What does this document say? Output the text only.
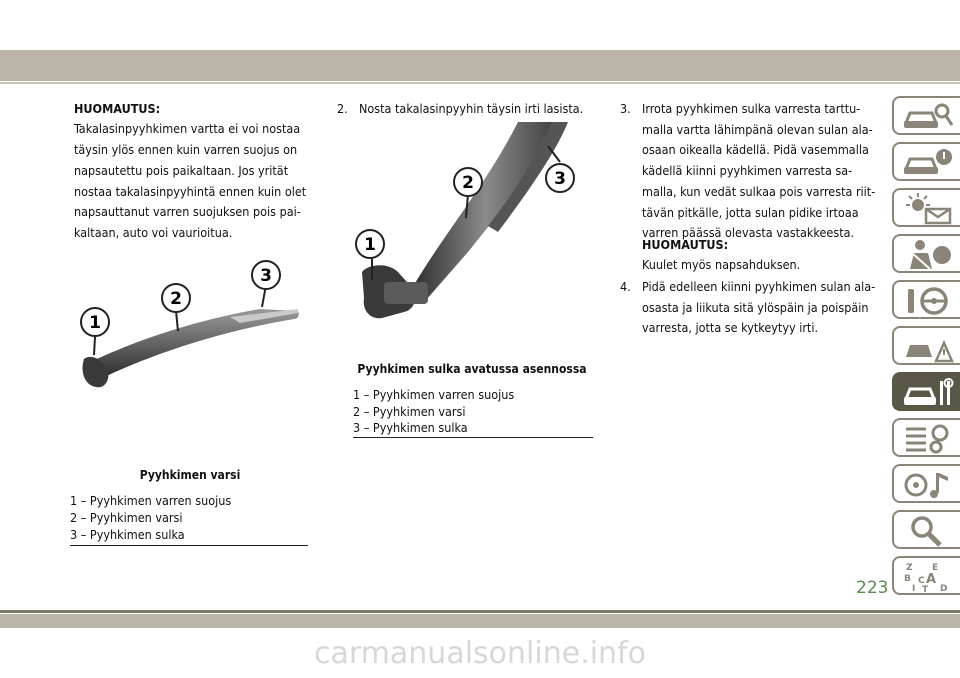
HUOMAUTUS:
Takalasinpyyhkimen vartta ei voi nostaa
täysin ylös ennen kuin varren suojus on
napsautettu pois paikaltaan. Jos yrität
nostaa takalasinpyyhintä ennen kuin olet
napsauttanut varren suojuksen pois pai-
kaltaan, auto voi vaurioitua.
1
2
3
Pyyhkimen varsi
1 – Pyyhkimen varren suojus
2 – Pyyhkimen varsi
3 – Pyyhkimen sulka
2. Nosta takalasinpyyhin täysin irti lasista.
1
2	3
Pyyhkimen sulka avatussa asennossa
1 – Pyyhkimen varren suojus
2 – Pyyhkimen varsi
3 – Pyyhkimen sulka
3. Irrota pyyhkimen sulka varresta tarttu-
malla vartta lähimpänä olevan sulan ala-
osaan oikealla kädellä. Pidä vasemmalla
kädellä kiinni pyyhkimen varresta sa-
malla, kun vedät sulkaa pois varresta riit-
tävän pitkälle, jotta sulan pidike irtoaa
varren päässä olevasta vastakkeesta.
HUOMAUTUS:
Kuulet myös napsahduksen.
4. Pidä edelleen kiinni pyyhkimen sulan ala-
osasta ja liikuta sitä ylöspäin ja poispäin
varresta, jotta se kytkeytyy irti.
Z E
B A
I
C
T D
223
carmanualsonline.info
